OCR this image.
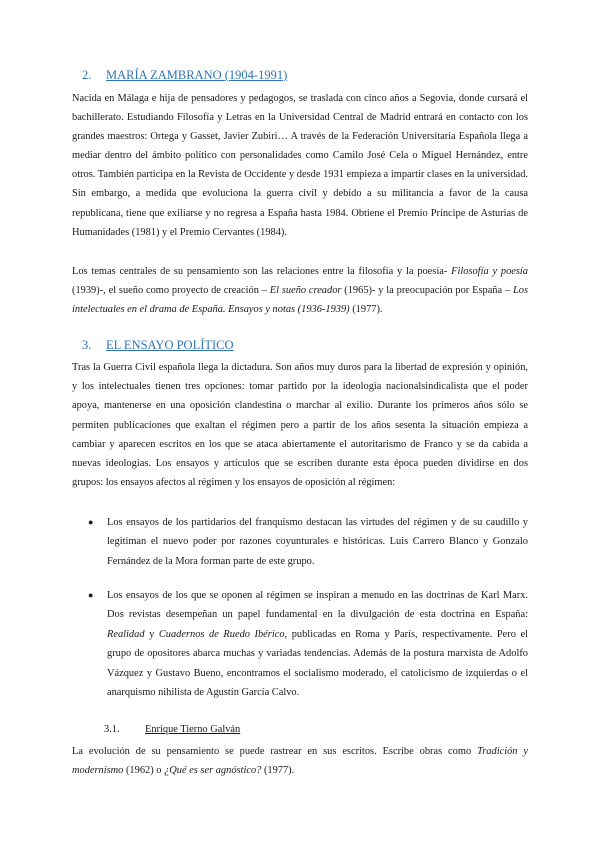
2. MARÍA ZAMBRANO (1904-1991)
Nacida en Málaga e hija de pensadores y pedagogos, se traslada con cinco años a Segovia, donde cursará el bachillerato. Estudiando Filosofía y Letras en la Universidad Central de Madrid entrará en contacto con los grandes maestros: Ortega y Gasset, Javier Zubiri… A través de la Federación Universitaria Española llega a mediar dentro del ámbito político con personalidades como Camilo José Cela o Miguel Hernández, entre otros. También participa en la Revista de Occidente y desde 1931 empieza a impartir clases en la universidad. Sin embargo, a medida que evoluciona la guerra civil y debido a su militancia a favor de la causa republicana, tiene que exiliarse y no regresa a España hasta 1984. Obtiene el Premio Príncipe de Asturias de Humanidades (1981) y el Premio Cervantes (1984).
Los temas centrales de su pensamiento son las relaciones entre la filosofía y la poesía- Filosofía y poesía (1939)-, el sueño como proyecto de creación – El sueño creador (1965)- y la preocupación por España – Los intelectuales en el drama de España. Ensayos y notas (1936-1939) (1977).
3. EL ENSAYO POLÍTICO
Tras la Guerra Civil española llega la dictadura. Son años muy duros para la libertad de expresión y opinión, y los intelectuales tienen tres opciones: tomar partido por la ideología nacionalsindicalista que el poder apoya, mantenerse en una oposición clandestina o marchar al exilio. Durante los primeros años sólo se permiten publicaciones que exaltan el régimen pero a partir de los años sesenta la situación empieza a cambiar y aparecen escritos en los que se ataca abiertamente el autoritarismo de Franco y se da cabida a nuevas ideologías. Los ensayos y artículos que se escriben durante esta época pueden dividirse en dos grupos: los ensayos afectos al régimen y los ensayos de oposición al régimen:
● Los ensayos de los partidarios del franquismo destacan las virtudes del régimen y de su caudillo y legitiman el nuevo poder por razones coyunturales e históricas. Luis Carrero Blanco y Gonzalo Fernández de la Mora forman parte de este grupo.
● Los ensayos de los que se oponen al régimen se inspiran a menudo en las doctrinas de Karl Marx. Dos revistas desempeñan un papel fundamental en la divulgación de esta doctrina en España: Realidad y Cuadernos de Ruedo Ibérico, publicadas en Roma y París, respectivamente. Pero el grupo de opositores abarca muchas y variadas tendencias. Además de la postura marxista de Adolfo Vázquez y Gustavo Bueno, encontramos el socialismo moderado, el catolicismo de izquierdas o el anarquismo nihilista de Agustín García Calvo.
3.1. Enrique Tierno Galván
La evolución de su pensamiento se puede rastrear en sus escritos. Escribe obras como Tradición y modernismo (1962) o ¿Qué es ser agnóstico? (1977).
